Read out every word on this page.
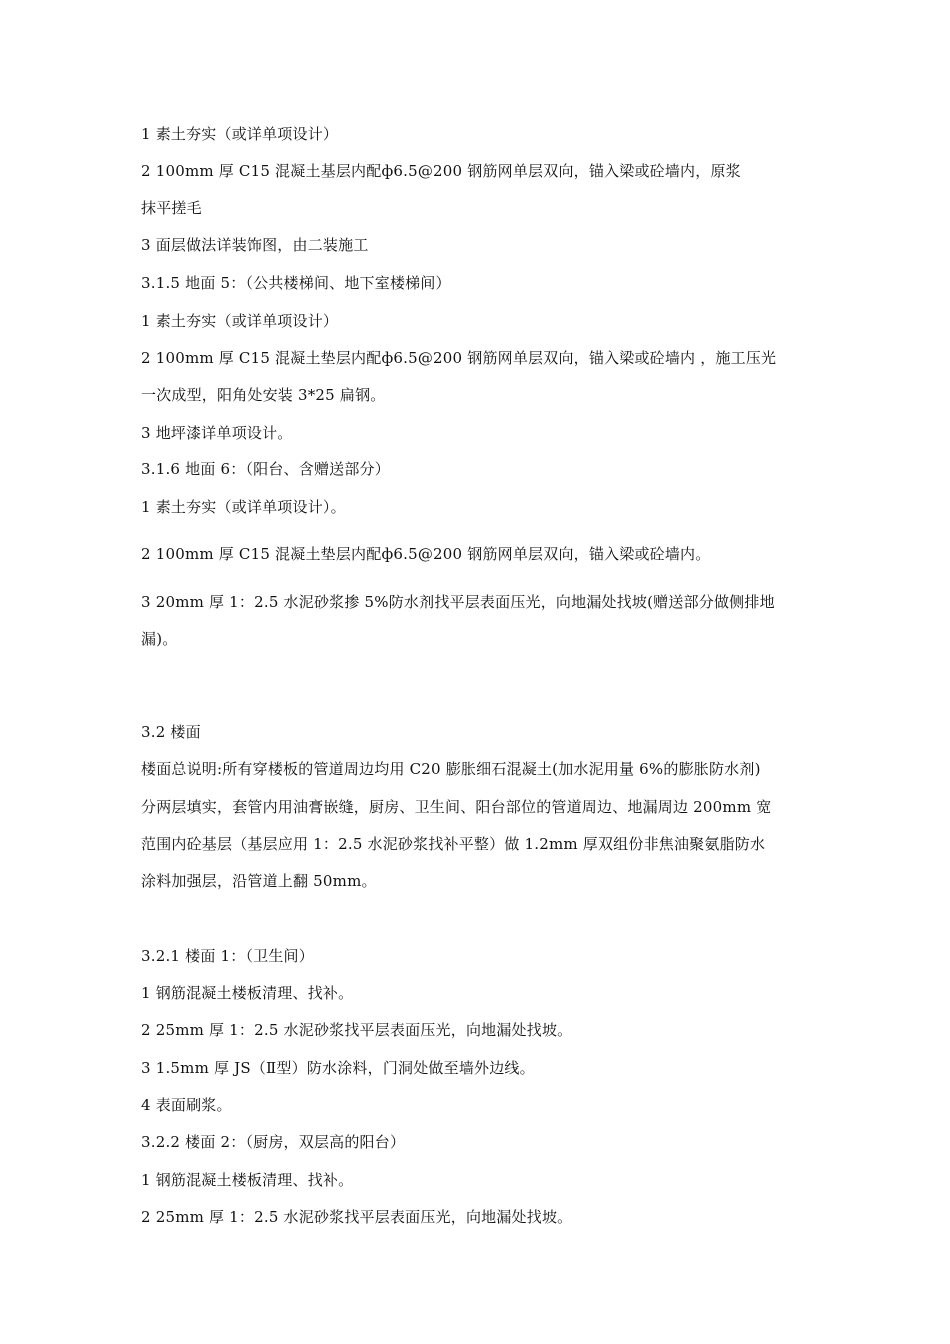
1 素土夯实（或详单项设计）
2 100mm 厚 C15 混凝土基层内配ф6.5@200 钢筋网单层双向，锚入梁或砼墙内，原浆
抹平搓毛
3 面层做法详装饰图，由二装施工
3.1.5 地面 5：（公共楼梯间、地下室楼梯间）
1 素土夯实（或详单项设计）
2 100mm 厚 C15 混凝土垫层内配ф6.5@200 钢筋网单层双向，锚入梁或砼墙内 ，施工压光
一次成型，阳角处安装 3*25 扁钢。
3 地坪漆详单项设计。
3.1.6 地面 6：（阳台、含赠送部分）
1 素土夯实（或详单项设计）。
2 100mm 厚 C15 混凝土垫层内配ф6.5@200 钢筋网单层双向，锚入梁或砼墙内。
3 20mm 厚 1：2.5 水泥砂浆掺 5%防水剂找平层表面压光，向地漏处找坡(赠送部分做侧排地
漏)。
3.2 楼面
楼面总说明:所有穿楼板的管道周边均用 C20 膨胀细石混凝土(加水泥用量 6%的膨胀防水剂)
分两层填实，套管内用油膏嵌缝，厨房、卫生间、阳台部位的管道周边、地漏周边 200mm 宽
范围内砼基层（基层应用 1：2.5 水泥砂浆找补平整）做 1.2mm 厚双组份非焦油聚氨脂防水
涂料加强层，沿管道上翻 50mm。
3.2.1 楼面 1：（卫生间）
1 钢筋混凝土楼板清理、找补。
2 25mm 厚 1：2.5 水泥砂浆找平层表面压光，向地漏处找坡。
3 1.5mm 厚 JS（Ⅱ型）防水涂料，门洞处做至墙外边线。
4 表面刷浆。
3.2.2 楼面 2：（厨房，双层高的阳台）
1 钢筋混凝土楼板清理、找补。
2 25mm 厚 1：2.5 水泥砂浆找平层表面压光，向地漏处找坡。
